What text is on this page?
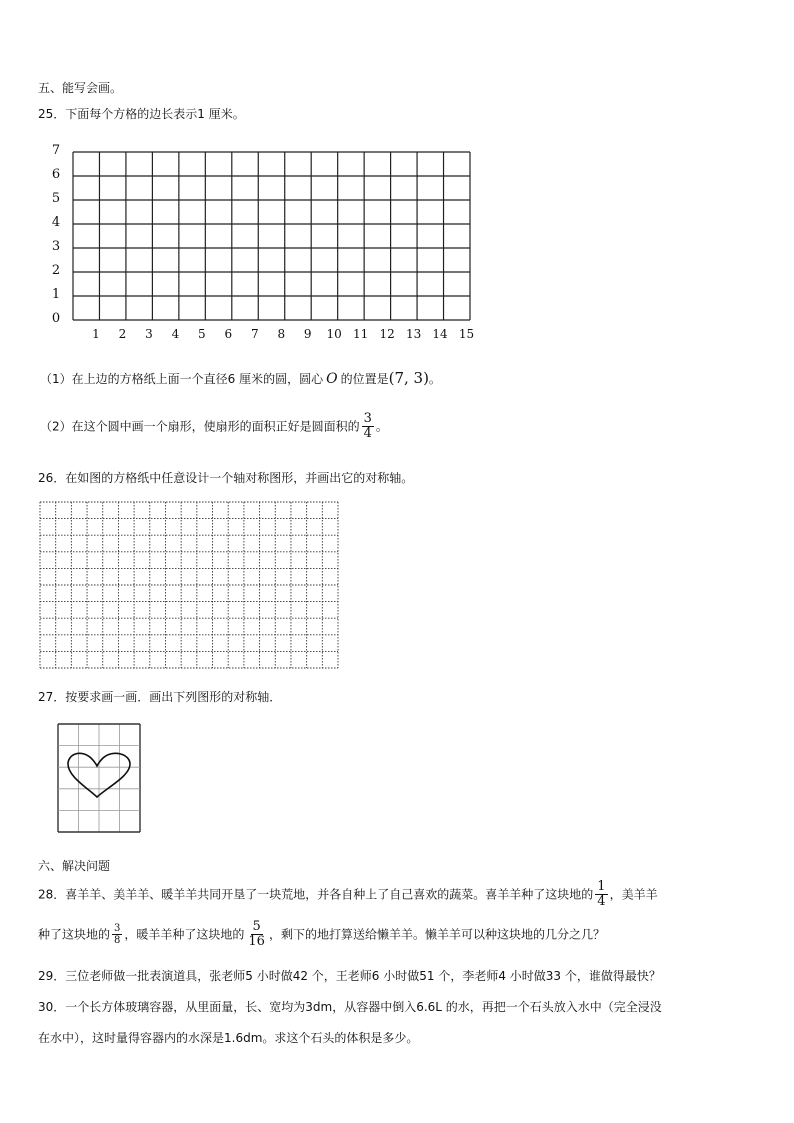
五、能写会画。
25．下面每个方格的边长表示1 厘米。
7
6
5
4
3
2
1
0
1 2 3 4 5 6 7 8 9 10 11 12 13 14 15
（1）在上边的方格纸上面一个直径6 厘米的圆，圆心 O 的位置是(7, 3)。
（2）在这个圆中画一个扇形，使扇形的面积正好是圆面积的 $\frac{3}{4}$ 。
26．在如图的方格纸中任意设计一个轴对称图形，并画出它的对称轴。
27．按要求画一画．画出下列图形的对称轴．
六、解决问题
28．喜羊羊、美羊羊、暖羊羊共同开垦了一块荒地，并各自种上了自己喜欢的蔬菜。喜羊羊种了这块地的 $\frac{1}{4}$ ，美羊羊
种了这块地的 $\frac{3}{8}$ ，暖羊羊种了这块地的 $\frac{5}{16}$ ，剩下的地打算送给懒羊羊。懒羊羊可以种这块地的几分之几？
29．三位老师做一批表演道具，张老师5 小时做42 个，王老师6 小时做51 个，李老师4 小时做33 个，谁做得最快？
30．一个长方体玻璃容器，从里面量，长、宽均为3dm，从容器中倒入6.6L 的水，再把一个石头放入水中（完全浸没
在水中），这时量得容器内的水深是1.6dm。求这个石头的体积是多少。
